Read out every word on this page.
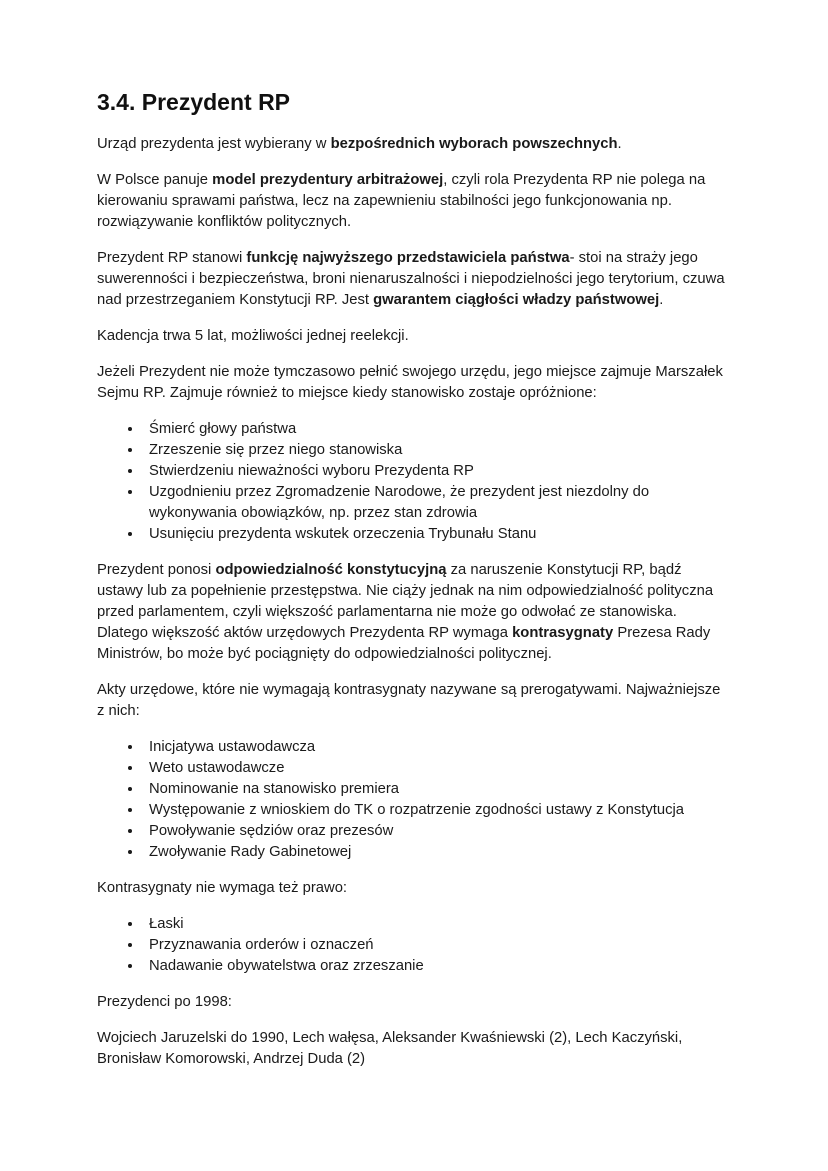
3.4. Prezydent RP

Urząd prezydenta jest wybierany w bezpośrednich wyborach powszechnych.

W Polsce panuje model prezydentury arbitrażowej, czyli rola Prezydenta RP nie polega na kierowaniu sprawami państwa, lecz na zapewnieniu stabilności jego funkcjonowania np. rozwiązywanie konfliktów politycznych.

Prezydent RP stanowi funkcję najwyższego przedstawiciela państwa- stoi na straży jego suwerenności i bezpieczeństwa, broni nienaruszalności i niepodzielności jego terytorium, czuwa nad przestrzeganiem Konstytucji RP. Jest gwarantem ciągłości władzy państwowej.

Kadencja trwa 5 lat, możliwości jednej reelekcji.

Jeżeli Prezydent nie może tymczasowo pełnić swojego urzędu, jego miejsce zajmuje Marszałek Sejmu RP. Zajmuje również to miejsce kiedy stanowisko zostaje opróżnione:

• Śmierć głowy państwa
• Zrzeszenie się przez niego stanowiska
• Stwierdzeniu nieważności wyboru Prezydenta RP
• Uzgodnieniu przez Zgromadzenie Narodowe, że prezydent jest niezdolny do wykonywania obowiązków, np. przez stan zdrowia
• Usunięciu prezydenta wskutek orzeczenia Trybunału Stanu

Prezydent ponosi odpowiedzialność konstytucyjną za naruszenie Konstytucji RP, bądź ustawy lub za popełnienie przestępstwa. Nie ciąży jednak na nim odpowiedzialność polityczna przed parlamentem, czyli większość parlamentarna nie może go odwołać ze stanowiska. Dlatego większość aktów urzędowych Prezydenta RP wymaga kontrasygnaty Prezesa Rady Ministrów, bo może być pociągnięty do odpowiedzialności politycznej.

Akty urzędowe, które nie wymagają kontrasygnaty nazywane są prerogatywami. Najważniejsze z nich:

• Inicjatywa ustawodawcza
• Weto ustawodawcze
• Nominowanie na stanowisko premiera
• Występowanie z wnioskiem do TK o rozpatrzenie zgodności ustawy z Konstytucja
• Powoływanie sędziów oraz prezesów
• Zwoływanie Rady Gabinetowej

Kontrasygnaty nie wymaga też prawo:

• Łaski
• Przyznawania orderów i oznaczeń
• Nadawanie obywatelstwa oraz zrzeszanie

Prezydenci po 1998:

Wojciech Jaruzelski do 1990, Lech wałęsa, Aleksander Kwaśniewski (2), Lech Kaczyński, Bronisław Komorowski, Andrzej Duda (2)
